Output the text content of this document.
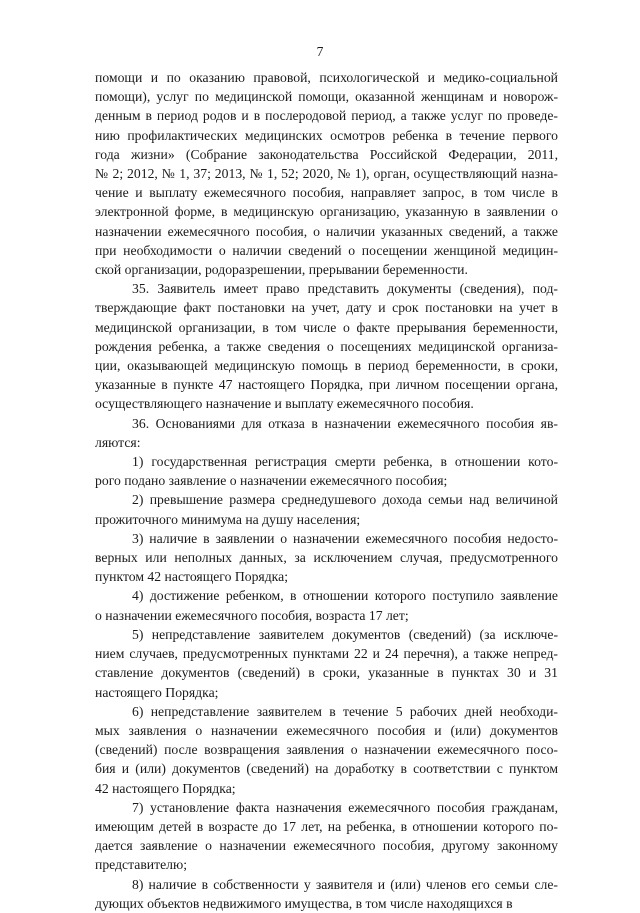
7
помощи и по оказанию правовой, психологической и медико-социальной
помощи), услуг по медицинской помощи, оказанной женщинам и новорож-
денным в период родов и в послеродовой период, а также услуг по проведе-
нию профилактических медицинских осмотров ребенка в течение первого
года жизни» (Собрание законодательства Российской Федерации, 2011,
№ 2; 2012, № 1, 37; 2013, № 1, 52; 2020, № 1), орган, осуществляющий назна-
чение и выплату ежемесячного пособия, направляет запрос, в том числе в
электронной форме, в медицинскую организацию, указанную в заявлении о
назначении ежемесячного пособия, о наличии указанных сведений, а также
при необходимости о наличии сведений о посещении женщиной медицин-
ской организации, родоразрешении, прерывании беременности.
35. Заявитель имеет право представить документы (сведения), под-
тверждающие факт постановки на учет, дату и срок постановки на учет в
медицинской организации, в том числе о факте прерывания беременности,
рождения ребенка, а также сведения о посещениях медицинской организа-
ции, оказывающей медицинскую помощь в период беременности, в сроки,
указанные в пункте 47 настоящего Порядка, при личном посещении органа,
осуществляющего назначение и выплату ежемесячного пособия.
36. Основаниями для отказа в назначении ежемесячного пособия яв-
ляются:
1) государственная регистрация смерти ребенка, в отношении кото-
рого подано заявление о назначении ежемесячного пособия;
2) превышение размера среднедушевого дохода семьи над величиной
прожиточного минимума на душу населения;
3) наличие в заявлении о назначении ежемесячного пособия недосто-
верных или неполных данных, за исключением случая, предусмотренного
пунктом 42 настоящего Порядка;
4) достижение ребенком, в отношении которого поступило заявление
о назначении ежемесячного пособия, возраста 17 лет;
5) непредставление заявителем документов (сведений) (за исключе-
нием случаев, предусмотренных пунктами 22 и 24 перечня), а также непред-
ставление документов (сведений) в сроки, указанные в пунктах 30 и 31
настоящего Порядка;
6) непредставление заявителем в течение 5 рабочих дней необходи-
мых заявления о назначении ежемесячного пособия и (или) документов
(сведений) после возвращения заявления о назначении ежемесячного посо-
бия и (или) документов (сведений) на доработку в соответствии с пунктом
42 настоящего Порядка;
7) установление факта назначения ежемесячного пособия гражданам,
имеющим детей в возрасте до 17 лет, на ребенка, в отношении которого по-
дается заявление о назначении ежемесячного пособия, другому законному
представителю;
8) наличие в собственности у заявителя и (или) членов его семьи сле-
дующих объектов недвижимого имущества, в том числе находящихся в
